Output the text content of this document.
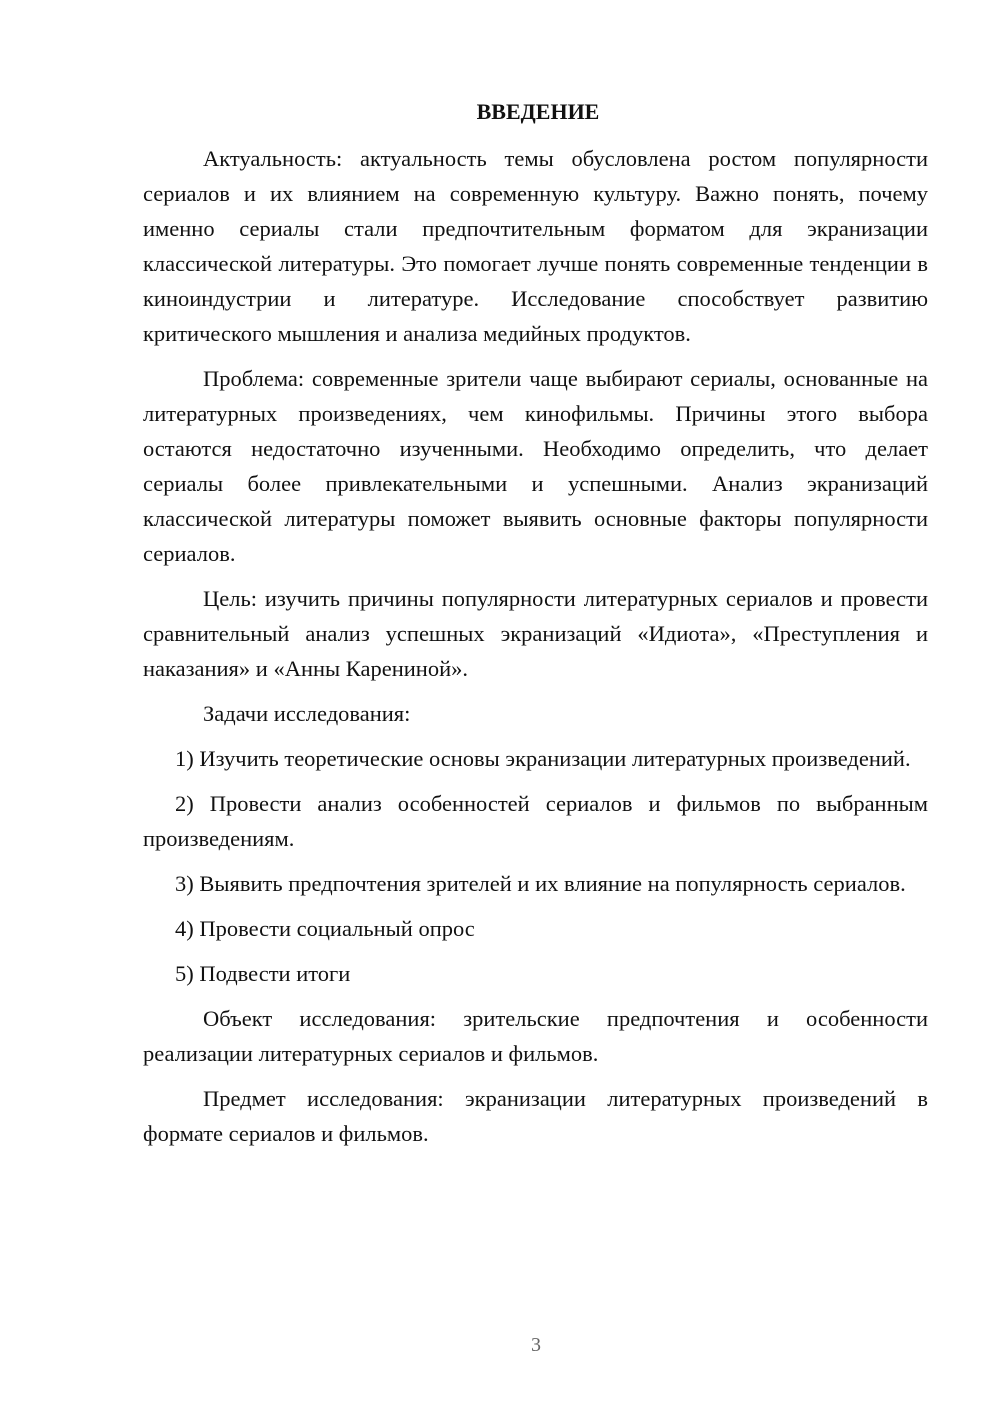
ВВЕДЕНИЕ

Актуальность: актуальность темы обусловлена ростом популярности сериалов и их влиянием на современную культуру. Важно понять, почему именно сериалы стали предпочтительным форматом для экранизации классической литературы. Это помогает лучше понять современные тенденции в киноиндустрии и литературе. Исследование способствует развитию критического мышления и анализа медийных продуктов.

Проблема: современные зрители чаще выбирают сериалы, основанные на литературных произведениях, чем кинофильмы. Причины этого выбора остаются недостаточно изученными. Необходимо определить, что делает сериалы более привлекательными и успешными. Анализ экранизаций классической литературы поможет выявить основные факторы популярности сериалов.

Цель: изучить причины популярности литературных сериалов и провести сравнительный анализ успешных экранизаций «Идиота», «Преступления и наказания» и «Анны Карениной».

Задачи исследования:

1) Изучить теоретические основы экранизации литературных произведений.

2) Провести анализ особенностей сериалов и фильмов по выбранным произведениям.

3) Выявить предпочтения зрителей и их влияние на популярность сериалов.

4) Провести социальный опрос

5) Подвести итоги

Объект исследования: зрительские предпочтения и особенности реализации литературных сериалов и фильмов.

Предмет исследования: экранизации литературных произведений в формате сериалов и фильмов.

3
